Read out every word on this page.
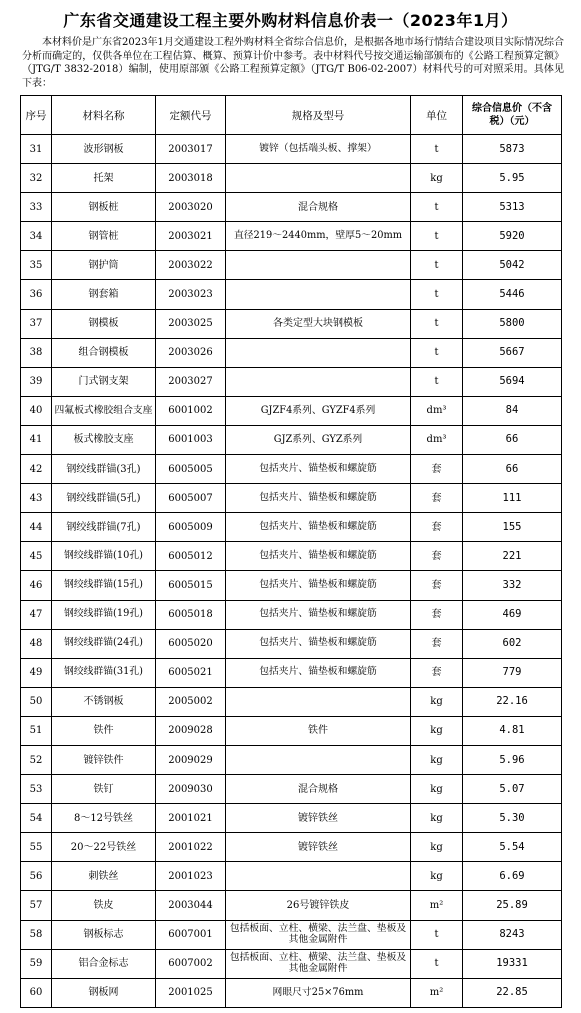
广东省交通建设工程主要外购材料信息价表一（2023年1月）
本材料价是广东省2023年1月交通建设工程外购材料全省综合信息价，是根据各地市场行情结合建设项目实际情况综合分析而确定的，仅供各单位在工程估算、概算、预算计价中参考。表中材料代号按交通运输部颁布的《公路工程预算定额》（JTG/T 3832-2018）编制，使用原部颁《公路工程预算定额》（JTG/T B06-02-2007）材料代号的可对照采用。具体见下表：
序号	材料名称	定额代号	规格及型号	单位	综合信息价（不含税）（元）
31	波形钢板	2003017	镀锌（包括端头板、撑架）	t	5873
32	托架	2003018		kg	5.95
33	钢板桩	2003020	混合规格	t	5313
34	钢管桩	2003021	直径219～2440mm，壁厚5～20mm	t	5920
35	钢护筒	2003022		t	5042
36	钢套箱	2003023		t	5446
37	钢模板	2003025	各类定型大块钢模板	t	5800
38	组合钢模板	2003026		t	5667
39	门式钢支架	2003027		t	5694
40	四氟板式橡胶组合支座	6001002	GJZF4系列、GYZF4系列	dm³	84
41	板式橡胶支座	6001003	GJZ系列、GYZ系列	dm³	66
42	钢绞线群锚(3孔)	6005005	包括夹片、锚垫板和螺旋筋	套	66
43	钢绞线群锚(5孔)	6005007	包括夹片、锚垫板和螺旋筋	套	111
44	钢绞线群锚(7孔)	6005009	包括夹片、锚垫板和螺旋筋	套	155
45	钢绞线群锚(10孔)	6005012	包括夹片、锚垫板和螺旋筋	套	221
46	钢绞线群锚(15孔)	6005015	包括夹片、锚垫板和螺旋筋	套	332
47	钢绞线群锚(19孔)	6005018	包括夹片、锚垫板和螺旋筋	套	469
48	钢绞线群锚(24孔)	6005020	包括夹片、锚垫板和螺旋筋	套	602
49	钢绞线群锚(31孔)	6005021	包括夹片、锚垫板和螺旋筋	套	779
50	不锈钢板	2005002		kg	22.16
51	铁件	2009028	铁件	kg	4.81
52	镀锌铁件	2009029		kg	5.96
53	铁钉	2009030	混合规格	kg	5.07
54	8～12号铁丝	2001021	镀锌铁丝	kg	5.30
55	20～22号铁丝	2001022	镀锌铁丝	kg	5.54
56	刺铁丝	2001023		kg	6.69
57	铁皮	2003044	26号镀锌铁皮	m²	25.89
58	钢板标志	6007001	包括板面、立柱、横梁、法兰盘、垫板及其他金属附件	t	8243
59	铝合金标志	6007002	包括板面、立柱、横梁、法兰盘、垫板及其他金属附件	t	19331
60	钢板网	2001025	网眼尺寸25×76mm	m²	22.85
